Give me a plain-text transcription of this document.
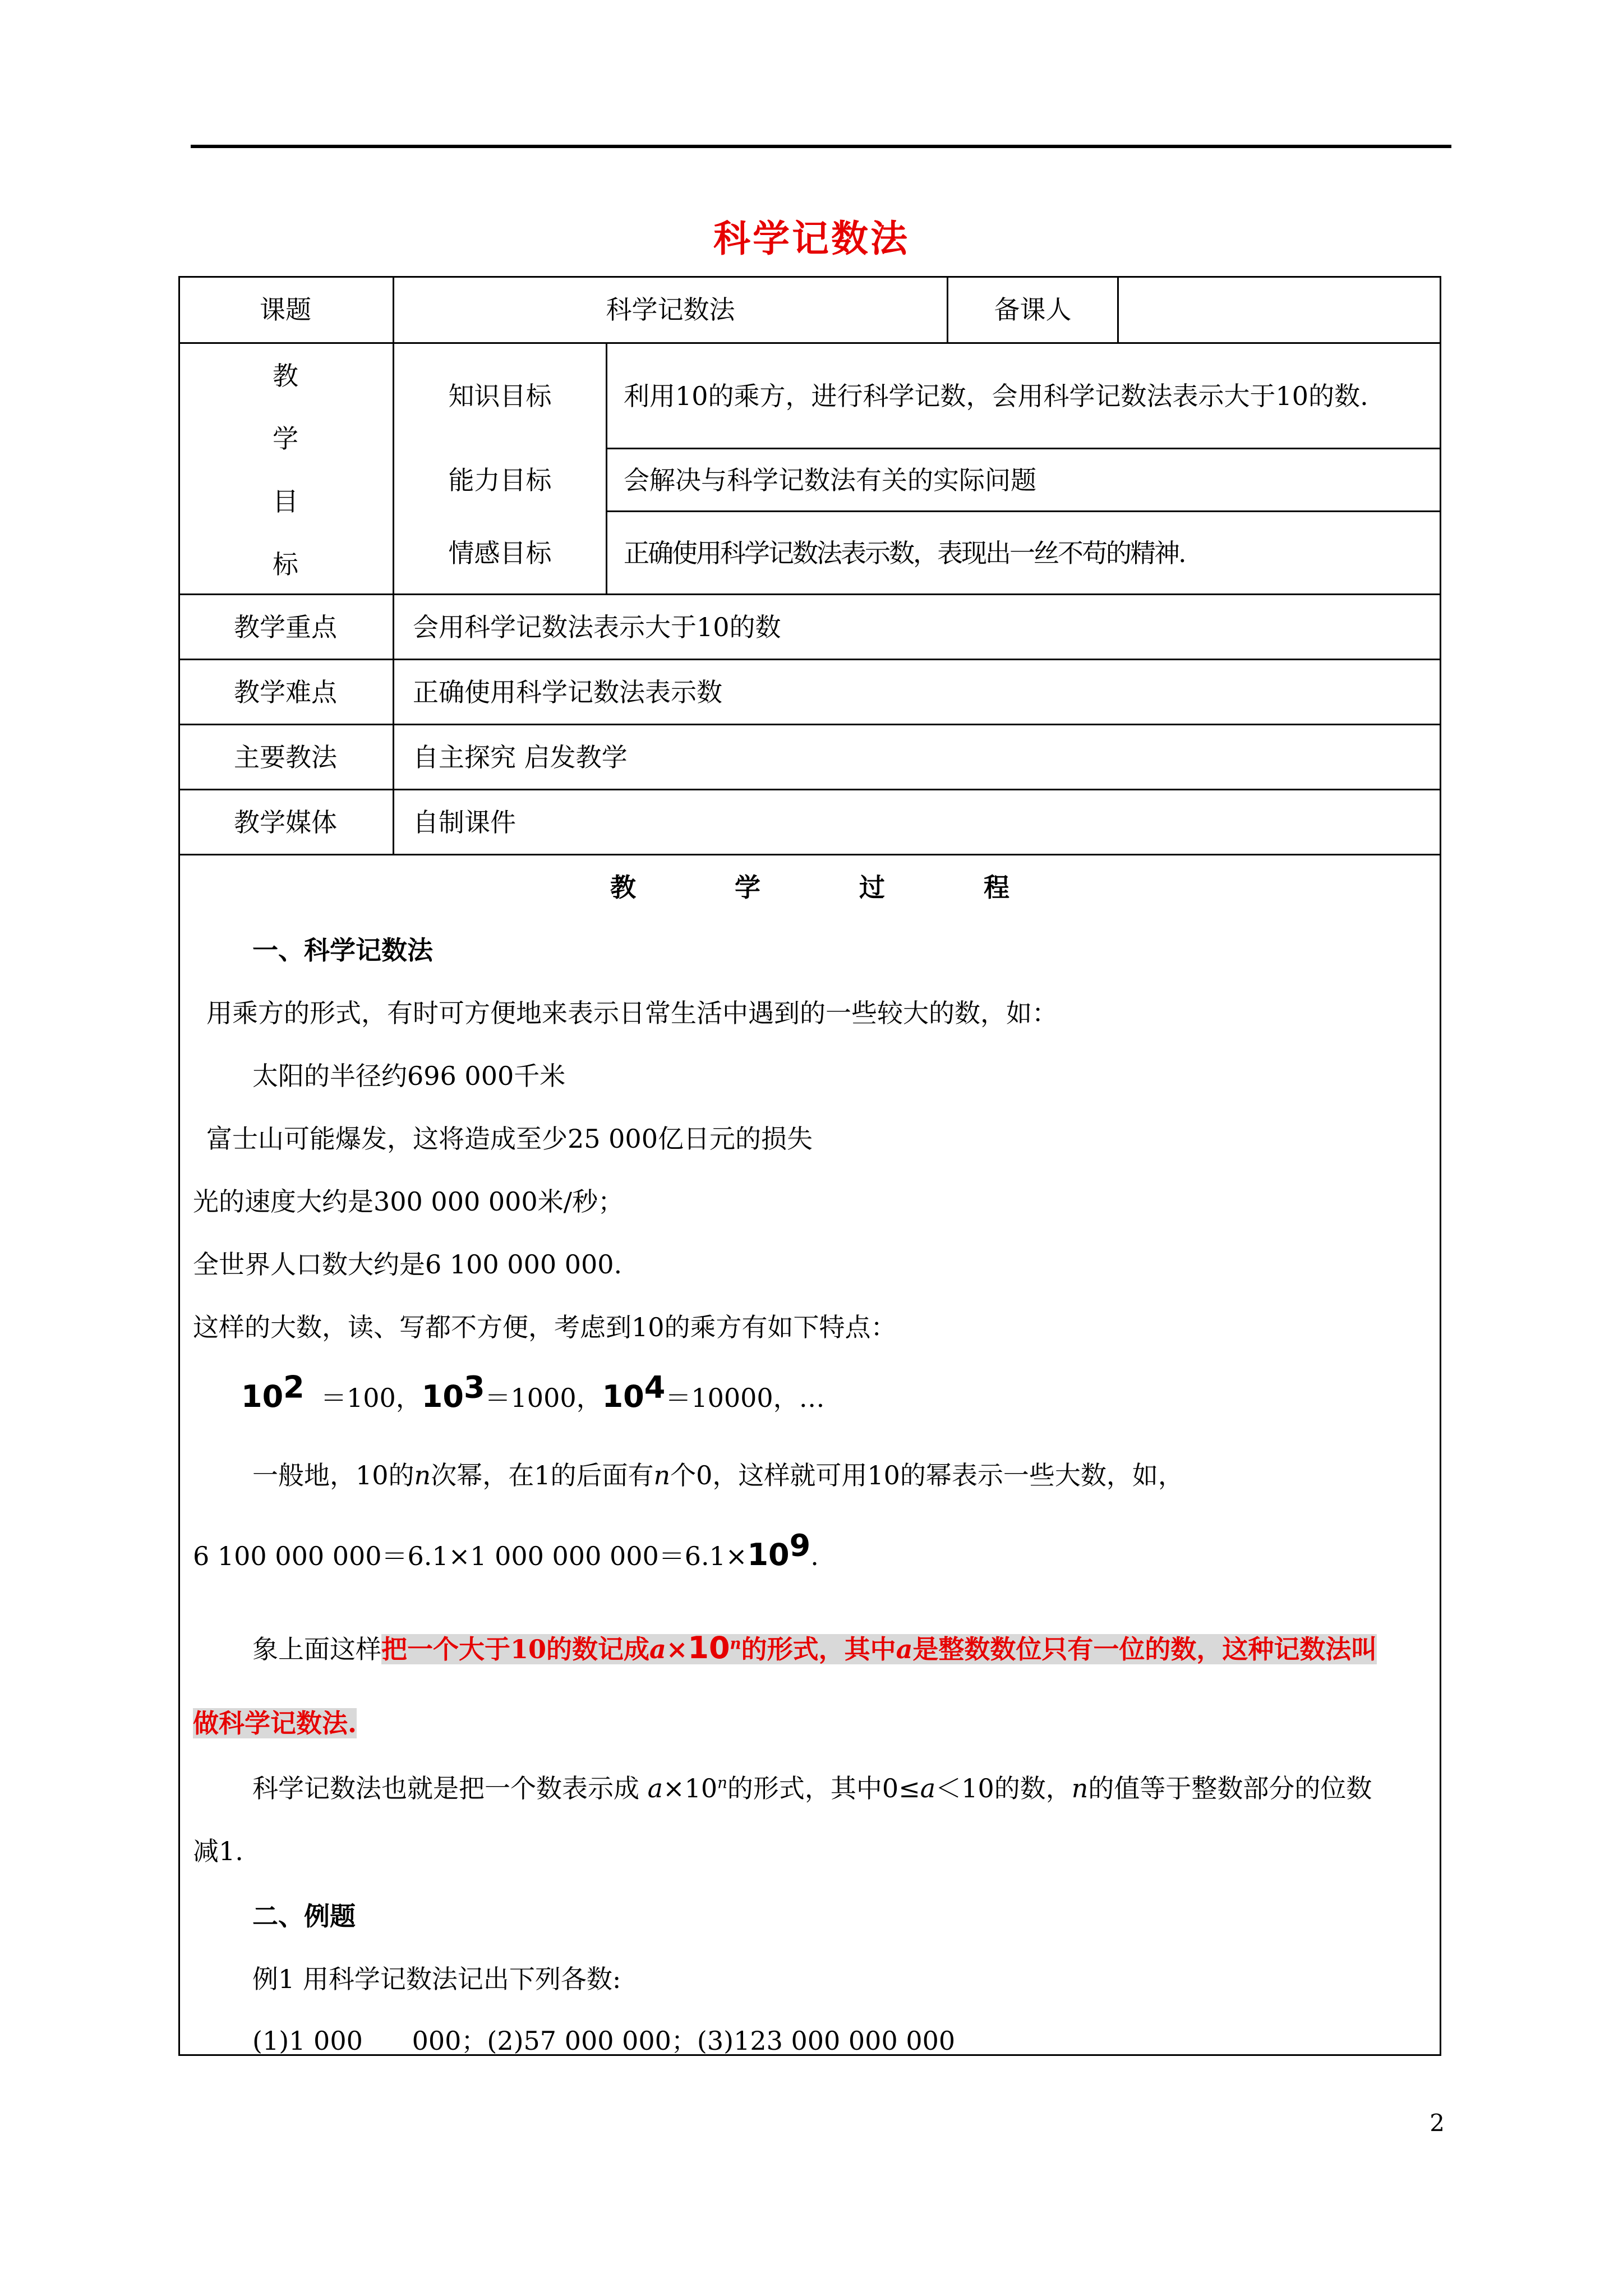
科学记数法
课题	科学记数法	备课人
教
学
目
标
知识目标	利用10的乘方，进行科学记数，会用科学记数法表示大于10的数.
能力目标	会解决与科学记数法有关的实际问题
情感目标	正确使用科学记数法表示数，表现出一丝不苟的精神.
教学重点	会用科学记数法表示大于10的数
教学难点	正确使用科学记数法表示数
主要教法	自主探究 启发教学
教学媒体	自制课件
教 学 过 程
一、科学记数法
用乘方的形式，有时可方便地来表示日常生活中遇到的一些较大的数，如：
太阳的半径约696 000千米
富士山可能爆发，这将造成至少25 000亿日元的损失
光的速度大约是300 000 000米/秒；
全世界人口数大约是6 100 000 000.
这样的大数，读、写都不方便，考虑到10的乘方有如下特点：
$10^2 =100$，$10^3=1000$，$10^4=10000$，…
一般地，10的n次幂，在1的后面有n个0，这样就可用10的幂表示一些大数，如，
6 100 000 000＝6.1×1 000 000 $000=6.1\times 10^9$.
象上面这样把一个大于10的数记成$a\times 10^n$的形式，其中a是整数数位只有一位的数，这种记数法叫
做科学记数法.
科学记数法也就是把一个数表示成 $a\times 10^n$的形式，其中0≤a＜10的数，n的值等于整数部分的位数
减1.
二、例题
例1 用科学记数法记出下列各数:
(1)1 000      000；(2)57 000 000；(3)123 000 000 000
2
